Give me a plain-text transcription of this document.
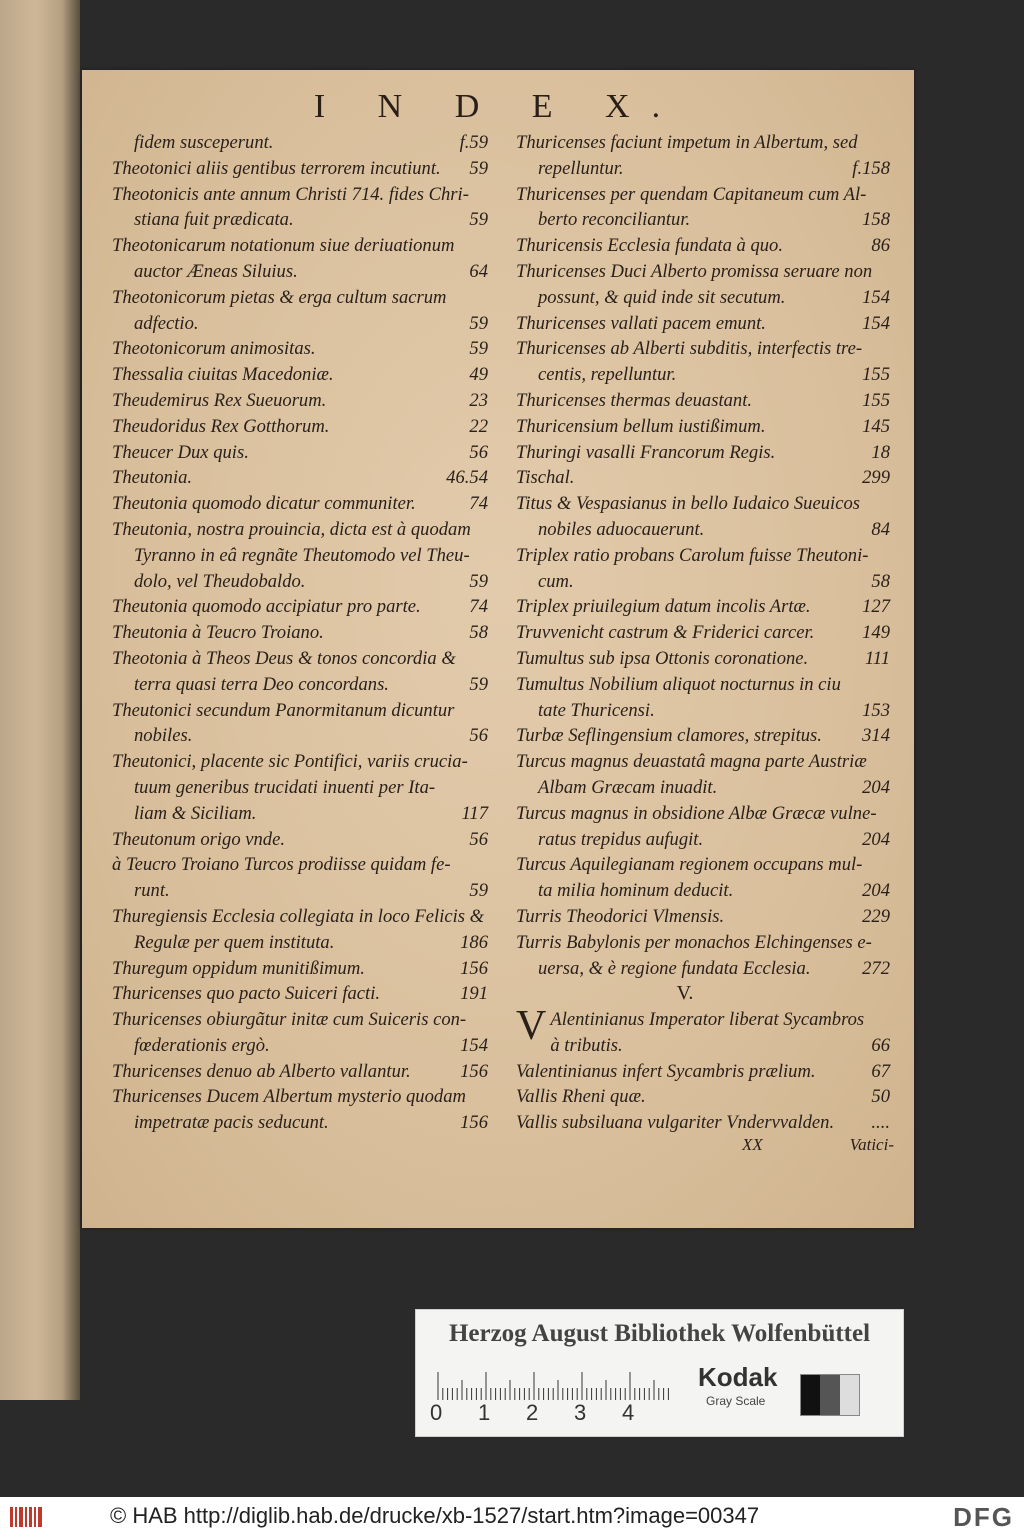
I N D E X.
fidem susceperunt.	f.59
Theotonici aliis gentibus terrorem incutiunt. 59
Theotonicis ante annum Christi 714. fides Chri-
stiana fuit prædicata.	59
Theotonicarum notationum siue deriuationum
auctor Æneas Siluius.	64
Theotonicorum pietas & erga cultum sacrum
adfectio.	59
Theotonicorum animositas.	59
Thessalia ciuitas Macedoniæ.	49
Theudemirus Rex Sueuorum.	23
Theudoridus Rex Gotthorum.	22
Theucer Dux quis.	56
Theutonia.	46.54
Theutonia quomodo dicatur communiter.	74
Theutonia, nostra prouincia, dicta est à quodam
Tyranno in eâ regnãte Theutomodo vel Theu-
dolo, vel Theudobaldo.	59
Theutonia quomodo accipiatur pro parte.	74
Theutonia à Teucro Troiano.	58
Theotonia à Theos Deus & tonos concordia &
terra quasi terra Deo concordans.	59
Theutonici secundum Panormitanum dicuntur
nobiles.	56
Theutonici, placente sic Pontifici, variis crucia-
tuum generibus trucidati inuenti per Ita-
liam & Siciliam.	117
Theutonum origo vnde.	56
à Teucro Troiano Turcos prodiisse quidam fe-
runt.	59
Thuregiensis Ecclesia collegiata in loco Felicis &
Regulæ per quem instituta.	186
Thuregum oppidum munitißimum.	156
Thuricenses quo pacto Suiceri facti.	191
Thuricenses obiurgãtur initæ cum Suiceris con-
fœderationis ergò.	154
Thuricenses denuo ab Alberto vallantur.	156
Thuricenses Ducem Albertum mysterio quodam
impetratæ pacis seducunt.	156
Thuricenses faciunt impetum in Albertum, sed
repelluntur.	f.158
Thuricenses per quendam Capitaneum cum Al-
berto reconciliantur.	158
Thuricensis Ecclesia fundata à quo.	86
Thuricenses Duci Alberto promissa seruare non
possunt, & quid inde sit secutum.	154
Thuricenses vallati pacem emunt.	154
Thuricenses ab Alberti subditis, interfectis tre-
centis, repelluntur.	155
Thuricenses thermas deuastant.	155
Thuricensium bellum iustißimum.	145
Thuringi vasalli Francorum Regis.	18
Tischal.	299
Titus & Vespasianus in bello Iudaico Sueuicos
nobiles aduocauerunt.	84
Triplex ratio probans Carolum fuisse Theutoni-
cum.	58
Triplex priuilegium datum incolis Artæ.	127
Truvvenicht castrum & Friderici carcer.	149
Tumultus sub ipsa Ottonis coronatione.	111
Tumultus Nobilium aliquot nocturnus in ciu
tate Thuricensi.	153
Turbæ Seflingensium clamores, strepitus. 314
Turcus magnus deuastatâ magna parte Austriæ
Albam Græcam inuadit.	204
Turcus magnus in obsidione Albæ Græcæ vulne-
ratus trepidus aufugit.	204
Turcus Aquilegianam regionem occupans mul-
ta milia hominum deducit.	204
Turris Theodorici Vlmensis.	229
Turris Babylonis per monachos Elchingenses e-
uersa, & è regione fundata Ecclesia.	272
V.
V Alentinianus Imperator liberat Sycambros
à tributis.	66
Valentinianus infert Sycambris prælium.	67
Vallis Rheni quæ.	50
Vallis subsiluana vulgariter Vndervvalden. ....
XX	Vatici-
Herzog August Bibliothek Wolfenbüttel
0 1 2 3 4
Kodak
Gray Scale
© HAB http://diglib.hab.de/drucke/xb-1527/start.htm?image=00347	DFG
